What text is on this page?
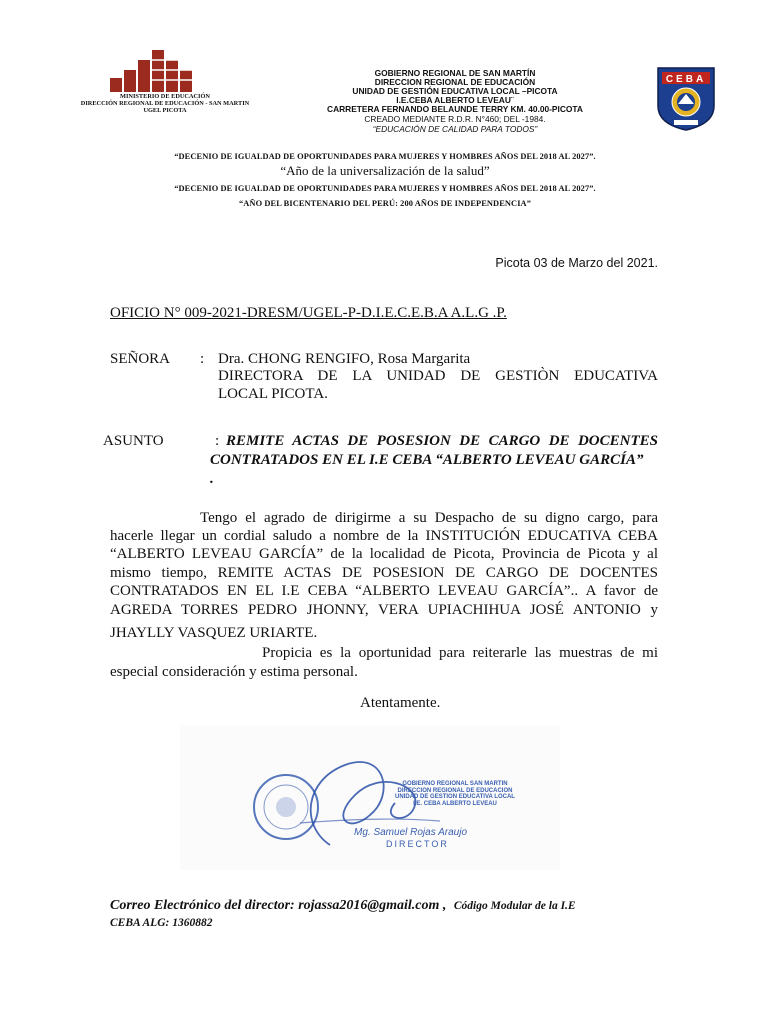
MINISTERIO DE EDUCACIÓN
DIRECCIÓN REGIONAL DE EDUCACIÓN - SAN MARTIN
UGEL PICOTA
GOBIERNO REGIONAL DE SAN MARTÍN
DIRECCION REGIONAL DE EDUCACIÓN
UNIDAD DE GESTIÓN EDUCATIVA LOCAL –PICOTA
I.E.CEBA ALBERTO LEVEAU¨
CARRETERA FERNANDO BELAUNDE TERRY KM. 40.00-PICOTA
CREADO MEDIANTE R.D.R. N°460; DEL -1984.
“EDUCACIÓN DE CALIDAD PARA TODOS”
CEBA
“DECENIO DE IGUALDAD DE OPORTUNIDADES PARA MUJERES Y HOMBRES AÑOS DEL 2018 AL 2027”.
“Año de la universalización de la salud”
“DECENIO DE IGUALDAD DE OPORTUNIDADES PARA MUJERES Y HOMBRES AÑOS DEL 2018 AL 2027”.
“AÑO DEL BICENTENARIO DEL PERÚ: 200 AÑOS DE INDEPENDENCIA”
Picota 03 de Marzo del 2021.
OFICIO N° 009-2021-DRESM/UGEL-P-D.I.E.C.E.B.A A.L.G .P.
SEÑORA : Dra. CHONG RENGIFO, Rosa Margarita
DIRECTORA DE LA UNIDAD DE GESTIÒN EDUCATIVA
LOCAL PICOTA.
ASUNTO	: REMITE ACTAS DE POSESION DE CARGO DE DOCENTES
CONTRATADOS EN EL I.E CEBA “ALBERTO LEVEAU GARCÍA”
.
Tengo el agrado de dirigirme a su Despacho de su digno cargo, para
hacerle llegar un cordial saludo a nombre de la INSTITUCIÓN EDUCATIVA CEBA
“ALBERTO LEVEAU GARCÍA” de la localidad de Picota, Provincia de Picota y al
mismo tiempo, REMITE ACTAS DE POSESION DE CARGO DE DOCENTES
CONTRATADOS EN EL I.E CEBA “ALBERTO LEVEAU GARCÍA”.. A favor de
AGREDA TORRES PEDRO JHONNY, VERA UPIACHIHUA JOSÉ ANTONIO y
JHAYLLY VASQUEZ URIARTE.
Propicia es la oportunidad para reiterarle las muestras de mi
especial consideración y estima personal.
Atentamente.
GOBIERNO REGIONAL SAN MARTIN
DIRECCION REGIONAL DE EDUCACION
UNIDAD DE GESTION EDUCATIVA LOCAL
I.E. CEBA ALBERTO LEVEAU
Mg. Samuel Rojas Araujo
DIRECTOR
Correo Electrónico del director: rojassa2016@gmail.com , Código Modular de la I.E
CEBA ALG: 1360882
